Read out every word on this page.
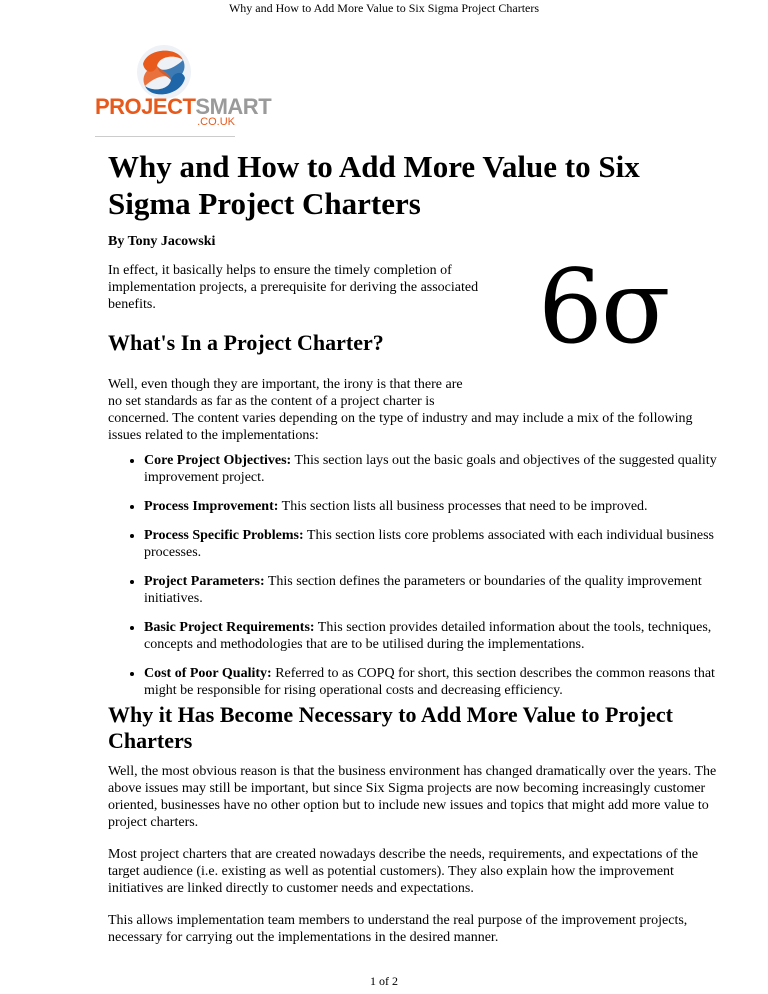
Why and How to Add More Value to Six Sigma Project Charters
PROJECTSMART
.CO.UK
Why and How to Add More Value to Six Sigma Project Charters

By Tony Jacowski

In effect, it basically helps to ensure the timely completion of implementation projects, a prerequisite for deriving the associated benefits.	6σ
What's In a Project Charter?

Well, even though they are important, the irony is that there are
no set standards as far as the content of a project charter is
concerned. The content varies depending on the type of industry and may include a mix of the following issues related to the implementations:

• Core Project Objectives: This section lays out the basic goals and objectives of the suggested quality improvement project.
• Process Improvement: This section lists all business processes that need to be improved.
• Process Specific Problems: This section lists core problems associated with each individual business processes.
• Project Parameters: This section defines the parameters or boundaries of the quality improvement initiatives.
• Basic Project Requirements: This section provides detailed information about the tools, techniques, concepts and methodologies that are to be utilised during the implementations.
• Cost of Poor Quality: Referred to as COPQ for short, this section describes the common reasons that might be responsible for rising operational costs and decreasing efficiency.
Why it Has Become Necessary to Add More Value to Project Charters

Well, the most obvious reason is that the business environment has changed dramatically over the years. The above issues may still be important, but since Six Sigma projects are now becoming increasingly customer oriented, businesses have no other option but to include new issues and topics that might add more value to project charters.

Most project charters that are created nowadays describe the needs, requirements, and expectations of the target audience (i.e. existing as well as potential customers). They also explain how the improvement initiatives are linked directly to customer needs and expectations.

This allows implementation team members to understand the real purpose of the improvement projects, necessary for carrying out the implementations in the desired manner.

1 of 2
